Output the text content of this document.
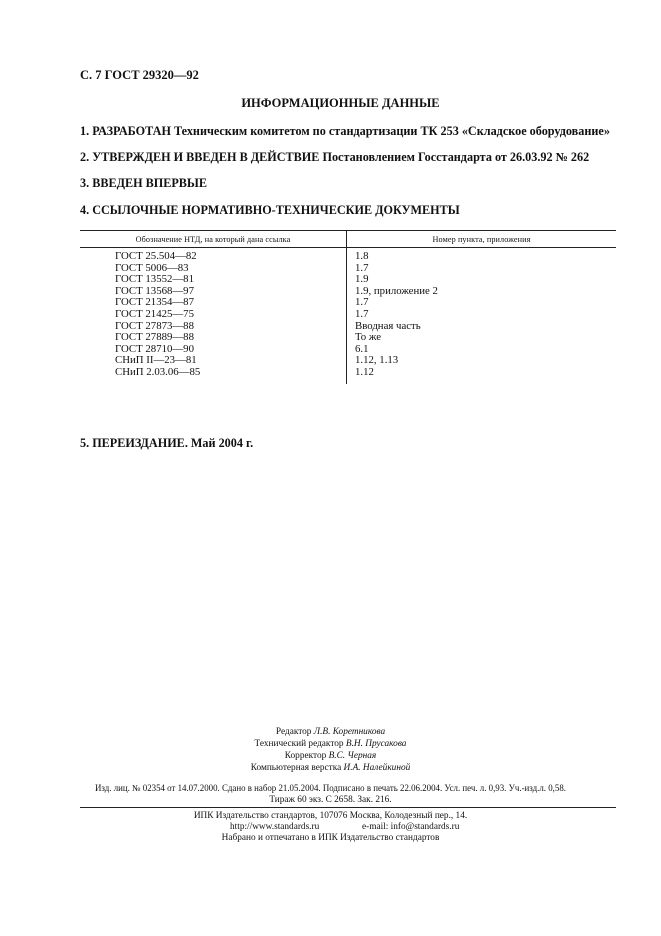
С. 7 ГОСТ 29320—92
ИНФОРМАЦИОННЫЕ ДАННЫЕ
1. РАЗРАБОТАН Техническим комитетом по стандартизации ТК 253 «Складское оборудование»
2. УТВЕРЖДЕН И ВВЕДЕН В ДЕЙСТВИЕ Постановлением Госстандарта от 26.03.92 № 262
3. ВВЕДЕН ВПЕРВЫЕ
4. ССЫЛОЧНЫЕ НОРМАТИВНО-ТЕХНИЧЕСКИЕ ДОКУМЕНТЫ
Обозначение НТД, на который дана ссылка	Номер пункта, приложения
ГОСТ 25.504—82	1.8
ГОСТ 5006—83	1.7
ГОСТ 13552—81	1.9
ГОСТ 13568—97	1.9, приложение 2
ГОСТ 21354—87	1.7
ГОСТ 21425—75	1.7
ГОСТ 27873—88	Вводная часть
ГОСТ 27889—88	То же
ГОСТ 28710—90	6.1
СНиП II—23—81	1.12, 1.13
СНиП 2.03.06—85	1.12
5. ПЕРЕИЗДАНИЕ. Май 2004 г.
Редактор Л.В. Коретникова
Технический редактор В.Н. Прусакова
Корректор В.С. Черная
Компьютерная верстка И.А. Налейкиной
Изд. лиц. № 02354 от 14.07.2000. Сдано в набор 21.05.2004. Подписано в печать 22.06.2004. Усл. печ. л. 0,93. Уч.-изд.л. 0,58.
Тираж 60 экз. С 2658. Зак. 216.
ИПК Издательство стандартов, 107076 Москва, Колодезный пер., 14.
http://www.standards.ru	e-mail: info@standards.ru
Набрано и отпечатано в ИПК Издательство стандартов
